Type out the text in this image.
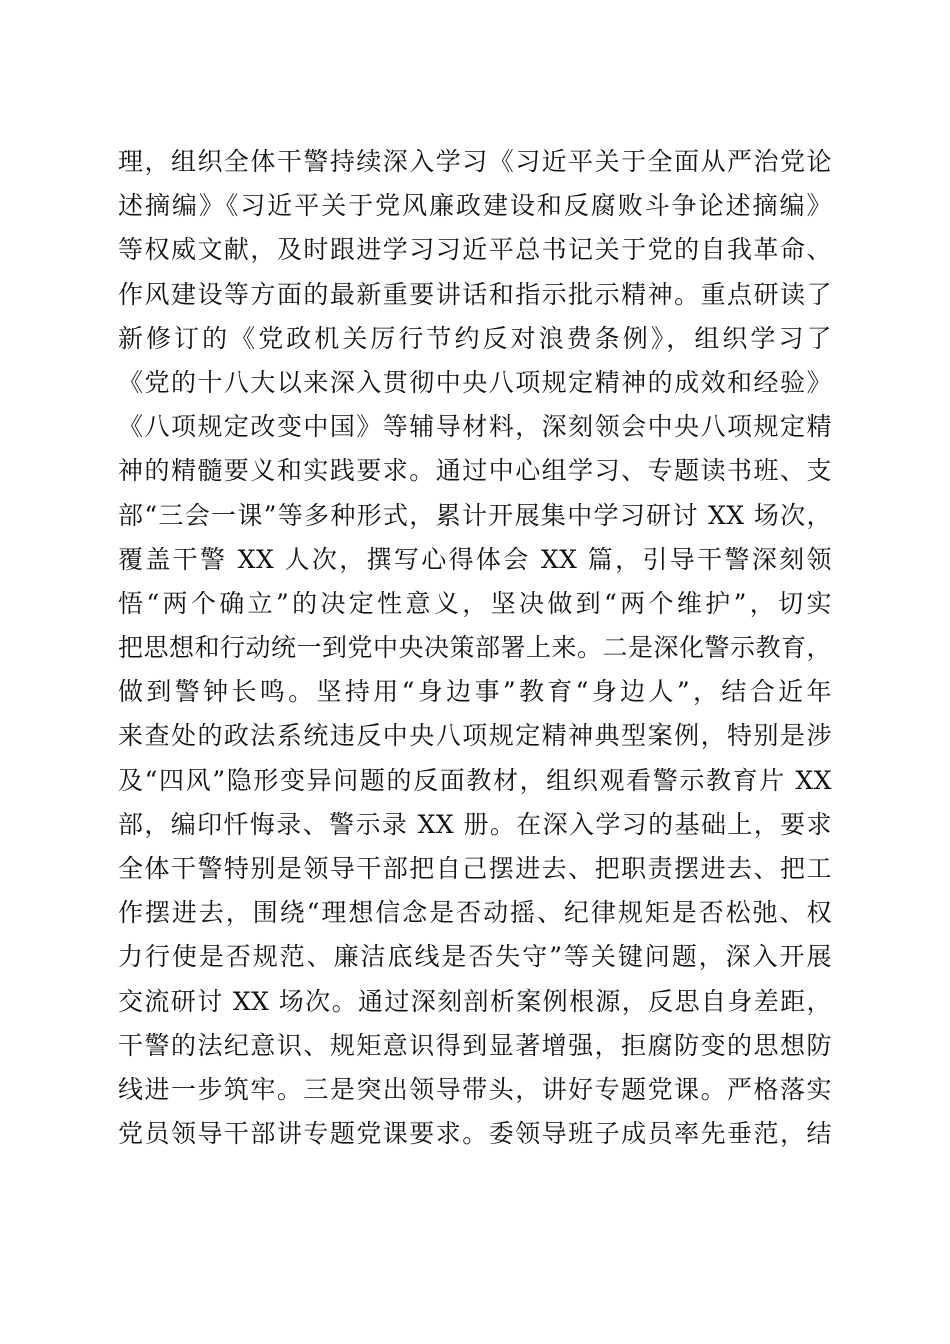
理，组织全体干警持续深入学习《习近平关于全面从严治党论
述摘编》《习近平关于党风廉政建设和反腐败斗争论述摘编》
等权威文献，及时跟进学习习近平总书记关于党的自我革命、
作风建设等方面的最新重要讲话和指示批示精神。重点研读了
新修订的《党政机关厉行节约反对浪费条例》，组织学习了
《党的十八大以来深入贯彻中央八项规定精神的成效和经验》
《八项规定改变中国》等辅导材料，深刻领会中央八项规定精
神的精髓要义和实践要求。通过中心组学习、专题读书班、支
部“三会一课”等多种形式，累计开展集中学习研讨 XX 场次，
覆盖干警 XX 人次，撰写心得体会 XX 篇，引导干警深刻领
悟“两个确立”的决定性意义，坚决做到“两个维护”，切实
把思想和行动统一到党中央决策部署上来。二是深化警示教育，
做到警钟长鸣。坚持用“身边事”教育“身边人”，结合近年
来查处的政法系统违反中央八项规定精神典型案例，特别是涉
及“四风”隐形变异问题的反面教材，组织观看警示教育片 XX
部，编印忏悔录、警示录 XX 册。在深入学习的基础上，要求
全体干警特别是领导干部把自己摆进去、把职责摆进去、把工
作摆进去，围绕“理想信念是否动摇、纪律规矩是否松弛、权
力行使是否规范、廉洁底线是否失守”等关键问题，深入开展
交流研讨 XX 场次。通过深刻剖析案例根源，反思自身差距，
干警的法纪意识、规矩意识得到显著增强，拒腐防变的思想防
线进一步筑牢。三是突出领导带头，讲好专题党课。严格落实
党员领导干部讲专题党课要求。委领导班子成员率先垂范，结
